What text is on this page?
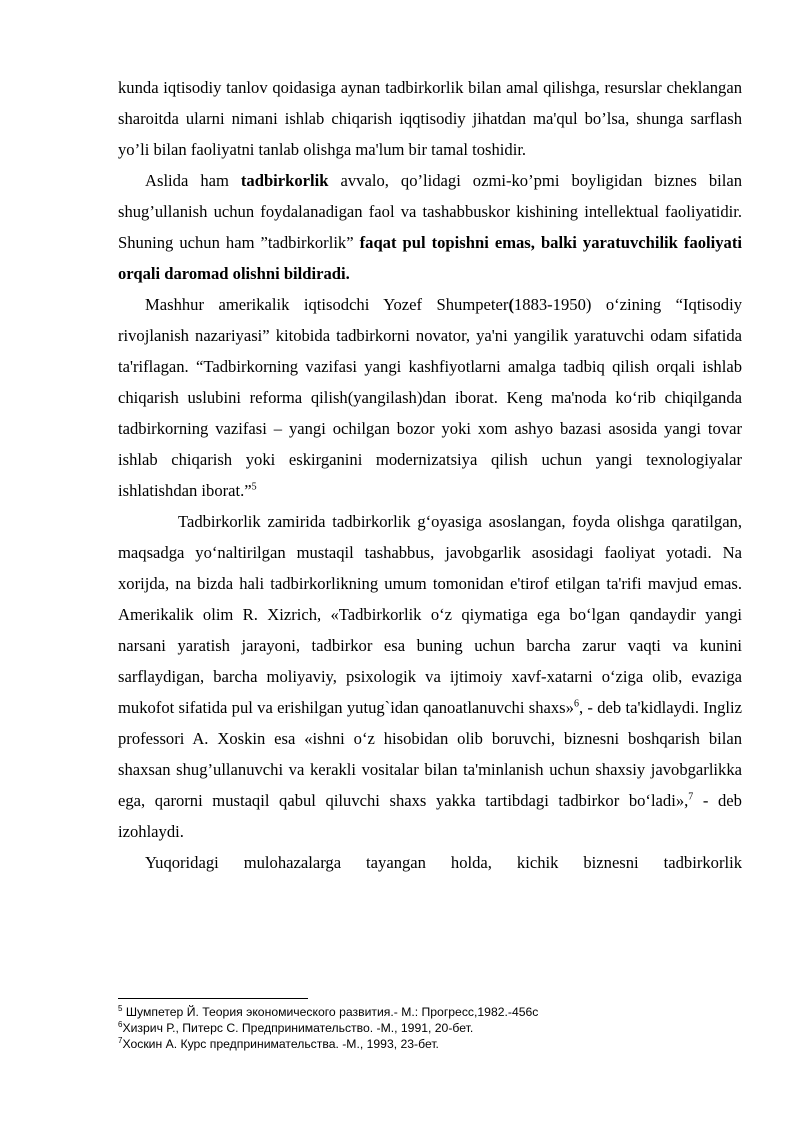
kunda iqtisodiy tanlov qoidasiga aynan tadbirkorlik bilan amal qilishga, resurslar cheklangan sharoitda ularni nimani ishlab chiqarish iqqtisodiy jihatdan ma'qul bo’lsa, shunga sarflash yo’li bilan faoliyatni tanlab olishga ma'lum bir tamal toshidir.

Aslida ham tadbirkorlik avvalo, qo’lidagi ozmi-ko’pmi boyligidan biznes bilan shug’ullanish uchun foydalanadigan faol va tashabbuskor kishining intellektual faoliyatidir. Shuning uchun ham ”tadbirkorlik” faqat pul topishni emas, balki yaratuvchilik faoliyati orqali daromad olishni bildiradi.

Mashhur amerikalik iqtisodchi Yozef Shumpeter(1883-1950) o‘zining “Iqtisodiy rivojlanish nazariyasi” kitobida tadbirkorni novator, ya'ni yangilik yaratuvchi odam sifatida ta'riflagan. “Tadbirkorning vazifasi yangi kashfiyotlarni amalga tadbiq qilish orqali ishlab chiqarish uslubini reforma qilish(yangilash)dan iborat. Keng ma'noda ko‘rib chiqilganda tadbirkorning vazifasi – yangi ochilgan bozor yoki xom ashyo bazasi asosida yangi tovar ishlab chiqarish yoki eskirganini modernizatsiya qilish uchun yangi texnologiyalar ishlatishdan iborat.”$^5$

Tadbirkorlik zamirida tadbirkorlik g‘oyasiga asoslangan, foyda olishga qaratilgan, maqsadga yo‘naltirilgan mustaqil tashabbus, javobgarlik asosidagi faoliyat yotadi. Na xorijda, na bizda hali tadbirkorlikning umum tomonidan e'tirof etilgan ta'rifi mavjud emas. Amerikalik olim R. Xizrich, «Tadbirkorlik o‘z qiymatiga ega bo‘lgan qandaydir yangi narsani yaratish jarayoni, tadbirkor esa buning uchun barcha zarur vaqti va kunini sarflaydigan, barcha moliyaviy, psixologik va ijtimoiy xavf-xatarni o‘ziga olib, evaziga mukofot sifatida pul va erishilgan yutug`idan qanoatlanuvchi shaxs»$^6$, - deb ta'kidlaydi. Ingliz professori A. Xoskin esa «ishni o‘z hisobidan olib boruvchi, biznesni boshqarish bilan shaxsan shug’ullanuvchi va kerakli vositalar bilan ta'minlanish uchun shaxsiy javobgarlikka ega, qarorni mustaqil qabul qiluvchi shaxs yakka tartibdagi tadbirkor bo‘ladi»,$^7$ - deb izohlaydi.

Yuqoridagi mulohazalarga tayangan holda, kichik biznesni tadbirkorlik

$^5$ Шумпетер Й. Теория экономического развития.- М.: Прогресс,1982.-456с
$^6$Хизрич Р., Питерс С. Предпринимательство. -М., 1991, 20-бет.
$^7$Хоскин А. Курс предпринимательства. -М., 1993, 23-бет.
